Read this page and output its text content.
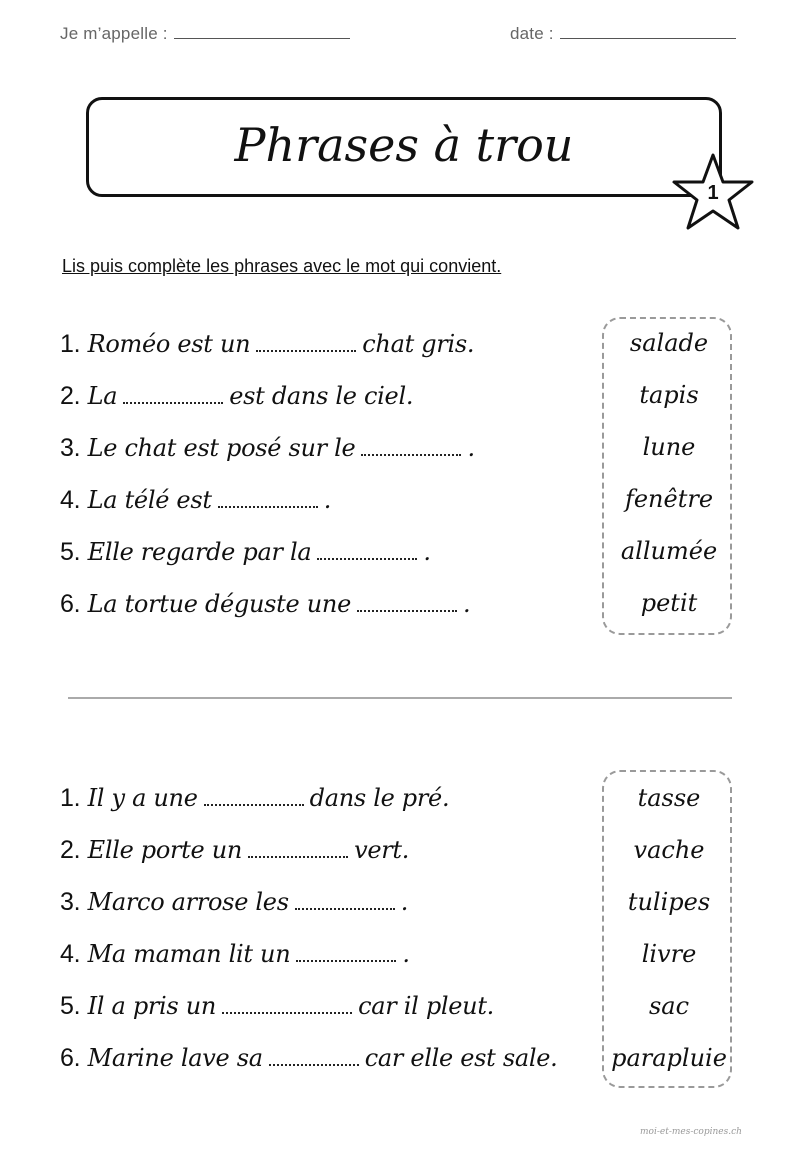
Je m’appelle :	date :
Phrases à trou
1
Lis puis complète les phrases avec le mot qui convient.
1. Roméo est un	chat gris.
2. La	est dans le ciel.
3. Le chat est posé sur le	.
4. La télé est	.
5. Elle regarde par la	.
6. La tortue déguste une	.
salade
tapis
lune
fenêtre
allumée
petit
1. Il y a une	dans le pré.
2. Elle porte un	vert.
3. Marco arrose les	.
4. Ma maman lit un	.
5. Il a pris un	car il pleut.
6. Marine lave sa	car elle est sale.
tasse
vache
tulipes
livre
sac
parapluie
moi-et-mes-copines.ch
